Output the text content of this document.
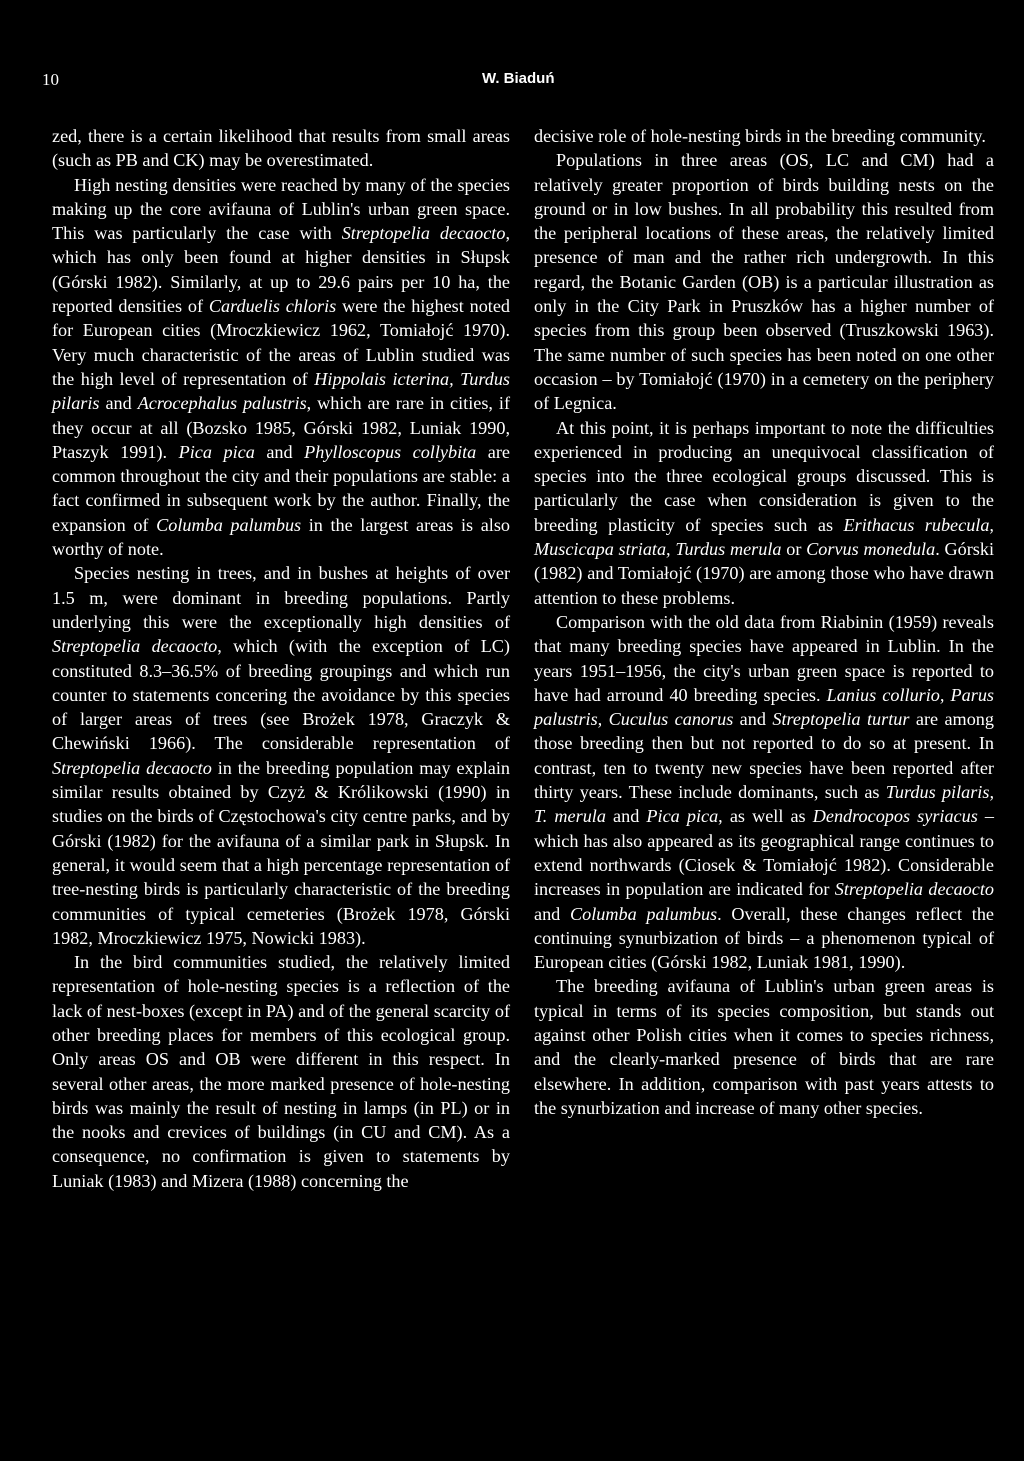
10	W. Biaduń

zed, there is a certain likelihood that results from small areas (such as PB and CK) may be overestimated.

High nesting densities were reached by many of the species making up the core avifauna of Lublin's urban green space. This was particularly the case with Streptopelia decaocto, which has only been found at higher densities in Słupsk (Górski 1982). Similarly, at up to 29.6 pairs per 10 ha, the reported densities of Carduelis chloris were the highest noted for European cities (Mroczkiewicz 1962, Tomiałojć 1970). Very much characteristic of the areas of Lublin studied was the high level of representation of Hippolais icterina, Turdus pilaris and Acrocephalus palustris, which are rare in cities, if they occur at all (Bozsko 1985, Górski 1982, Luniak 1990, Ptaszyk 1991). Pica pica and Phylloscopus collybita are common throughout the city and their populations are stable: a fact confirmed in subsequent work by the author. Finally, the expansion of Columba palumbus in the largest areas is also worthy of note.

Species nesting in trees, and in bushes at heights of over 1.5 m, were dominant in breeding populations. Partly underlying this were the exceptionally high densities of Streptopelia decaocto, which (with the exception of LC) constituted 8.3–36.5% of breeding groupings and which run counter to statements concering the avoidance by this species of larger areas of trees (see Brożek 1978, Graczyk & Chewiński 1966). The considerable representation of Streptopelia decaocto in the breeding population may explain similar results obtained by Czyż & Królikowski (1990) in studies on the birds of Częstochowa's city centre parks, and by Górski (1982) for the avifauna of a similar park in Słupsk. In general, it would seem that a high percentage representation of tree-nesting birds is particularly characteristic of the breeding communities of typical cemeteries (Brożek 1978, Górski 1982, Mroczkiewicz 1975, Nowicki 1983).

In the bird communities studied, the relatively limited representation of hole-nesting species is a reflection of the lack of nest-boxes (except in PA) and of the general scarcity of other breeding places for members of this ecological group. Only areas OS and OB were different in this respect. In several other areas, the more marked presence of hole-nesting birds was mainly the result of nesting in lamps (in PL) or in the nooks and crevices of buildings (in CU and CM). As a consequence, no confirmation is given to statements by Luniak (1983) and Mizera (1988) concerning the

decisive role of hole-nesting birds in the breeding community.

Populations in three areas (OS, LC and CM) had a relatively greater proportion of birds building nests on the ground or in low bushes. In all probability this resulted from the peripheral locations of these areas, the relatively limited presence of man and the rather rich undergrowth. In this regard, the Botanic Garden (OB) is a particular illustration as only in the City Park in Pruszków has a higher number of species from this group been observed (Truszkowski 1963). The same number of such species has been noted on one other occasion – by Tomiałojć (1970) in a cemetery on the periphery of Legnica.

At this point, it is perhaps important to note the difficulties experienced in producing an unequivocal classification of species into the three ecological groups discussed. This is particularly the case when consideration is given to the breeding plasticity of species such as Erithacus rubecula, Muscicapa striata, Turdus merula or Corvus monedula. Górski (1982) and Tomiałojć (1970) are among those who have drawn attention to these problems.

Comparison with the old data from Riabinin (1959) reveals that many breeding species have appeared in Lublin. In the years 1951–1956, the city's urban green space is reported to have had arround 40 breeding species. Lanius collurio, Parus palustris, Cuculus canorus and Streptopelia turtur are among those breeding then but not reported to do so at present. In contrast, ten to twenty new species have been reported after thirty years. These include dominants, such as Turdus pilaris, T. merula and Pica pica, as well as Dendrocopos syriacus – which has also appeared as its geographical range continues to extend northwards (Ciosek & Tomiałojć 1982). Considerable increases in population are indicated for Streptopelia decaocto and Columba palumbus. Overall, these changes reflect the continuing synurbization of birds – a phenomenon typical of European cities (Górski 1982, Luniak 1981, 1990).

The breeding avifauna of Lublin's urban green areas is typical in terms of its species composition, but stands out against other Polish cities when it comes to species richness, and the clearly-marked presence of birds that are rare elsewhere. In addition, comparison with past years attests to the synurbization and increase of many other species.
